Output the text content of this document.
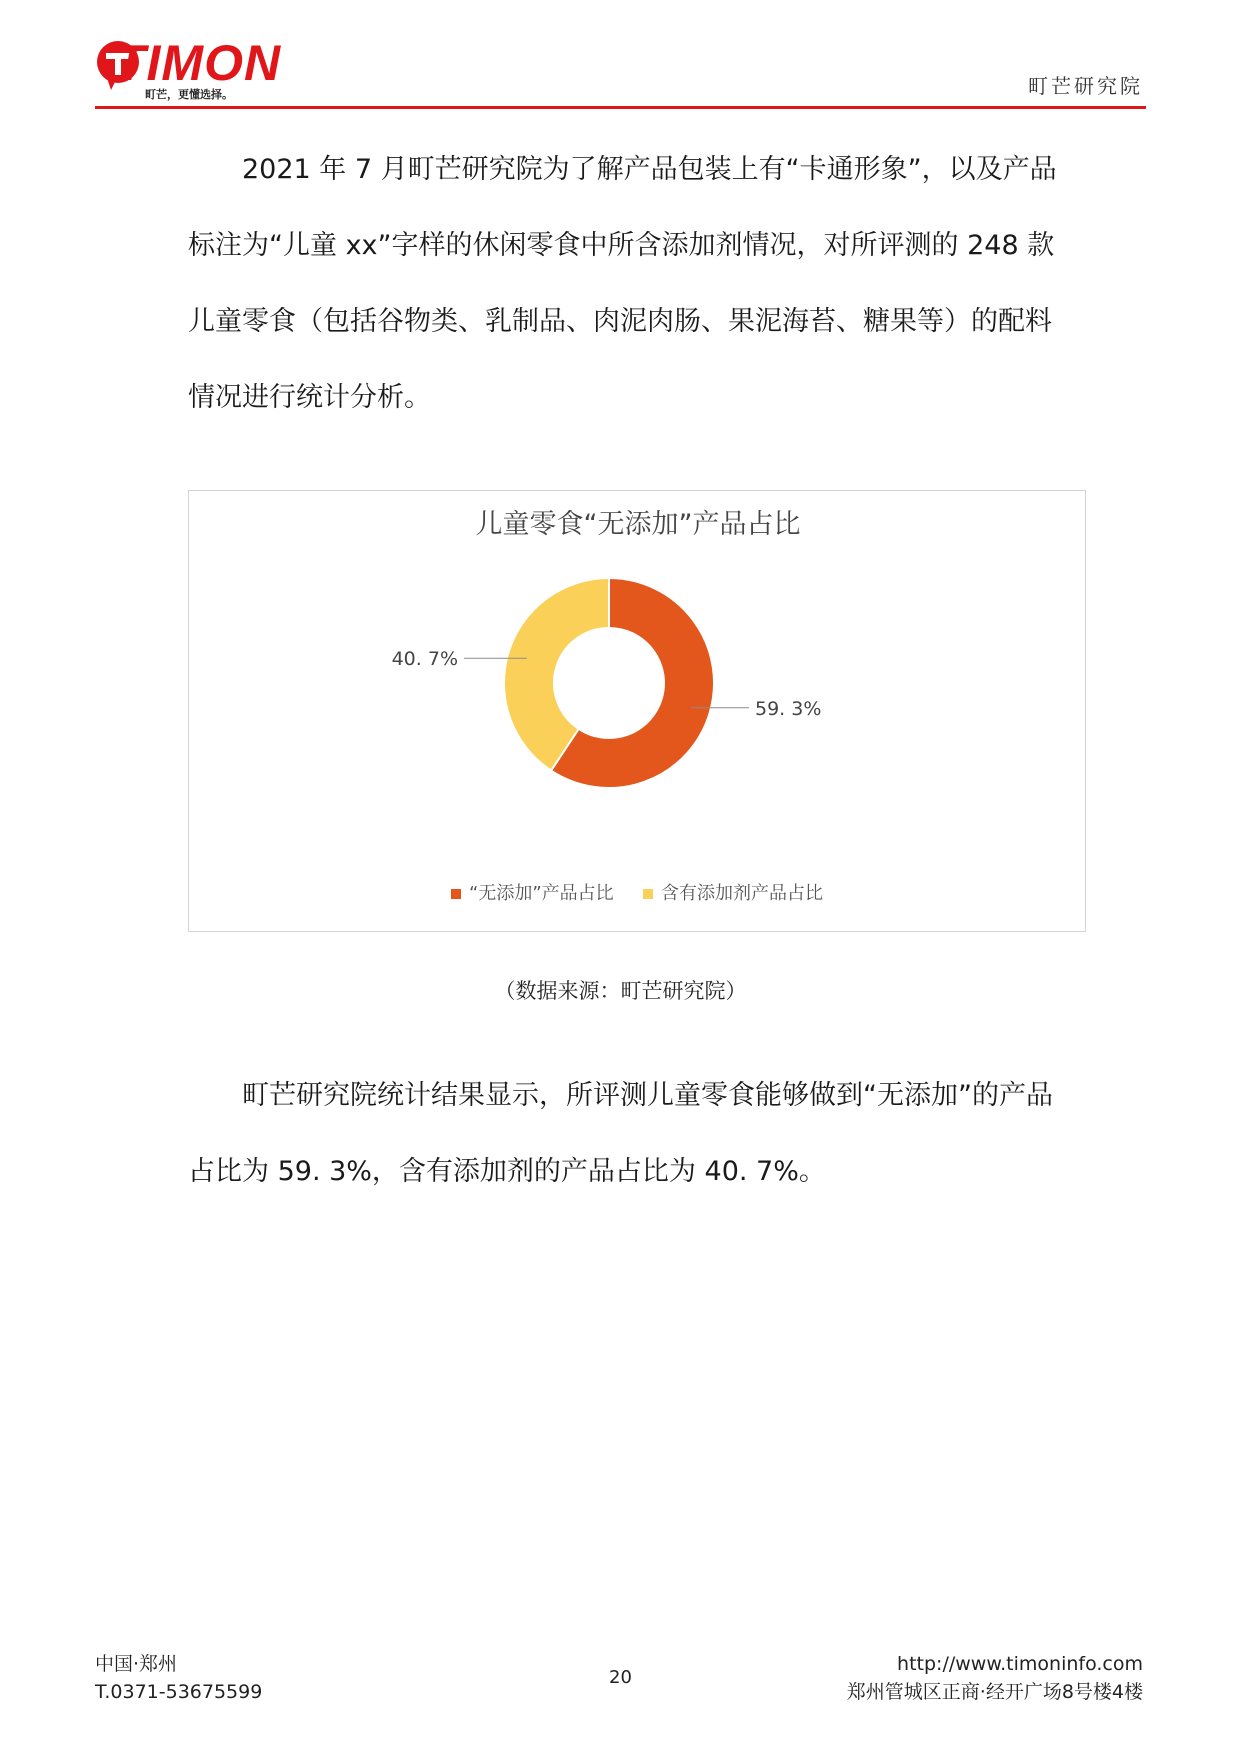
TIMON
町芒，更懂选择。	町芒研究院

2021 年 7 月町芒研究院为了解产品包装上有“卡通形象”，以及产品标注为“儿童 xx”字样的休闲零食中所含添加剂情况，对所评测的 248 款儿童零食（包括谷物类、乳制品、肉泥肉肠、果泥海苔、糖果等）的配料情况进行统计分析。

儿童零食“无添加”产品占比
59. 3%
40. 7%
“无添加”产品占比	含有添加剂产品占比
（数据来源：町芒研究院）

町芒研究院统计结果显示，所评测儿童零食能够做到“无添加”的产品占比为 59. 3%，含有添加剂的产品占比为 40. 7%。

中国·郑州
T.0371-53675599
20
http://www.timoninfo.com
郑州管城区正商·经开广场8号楼4楼
